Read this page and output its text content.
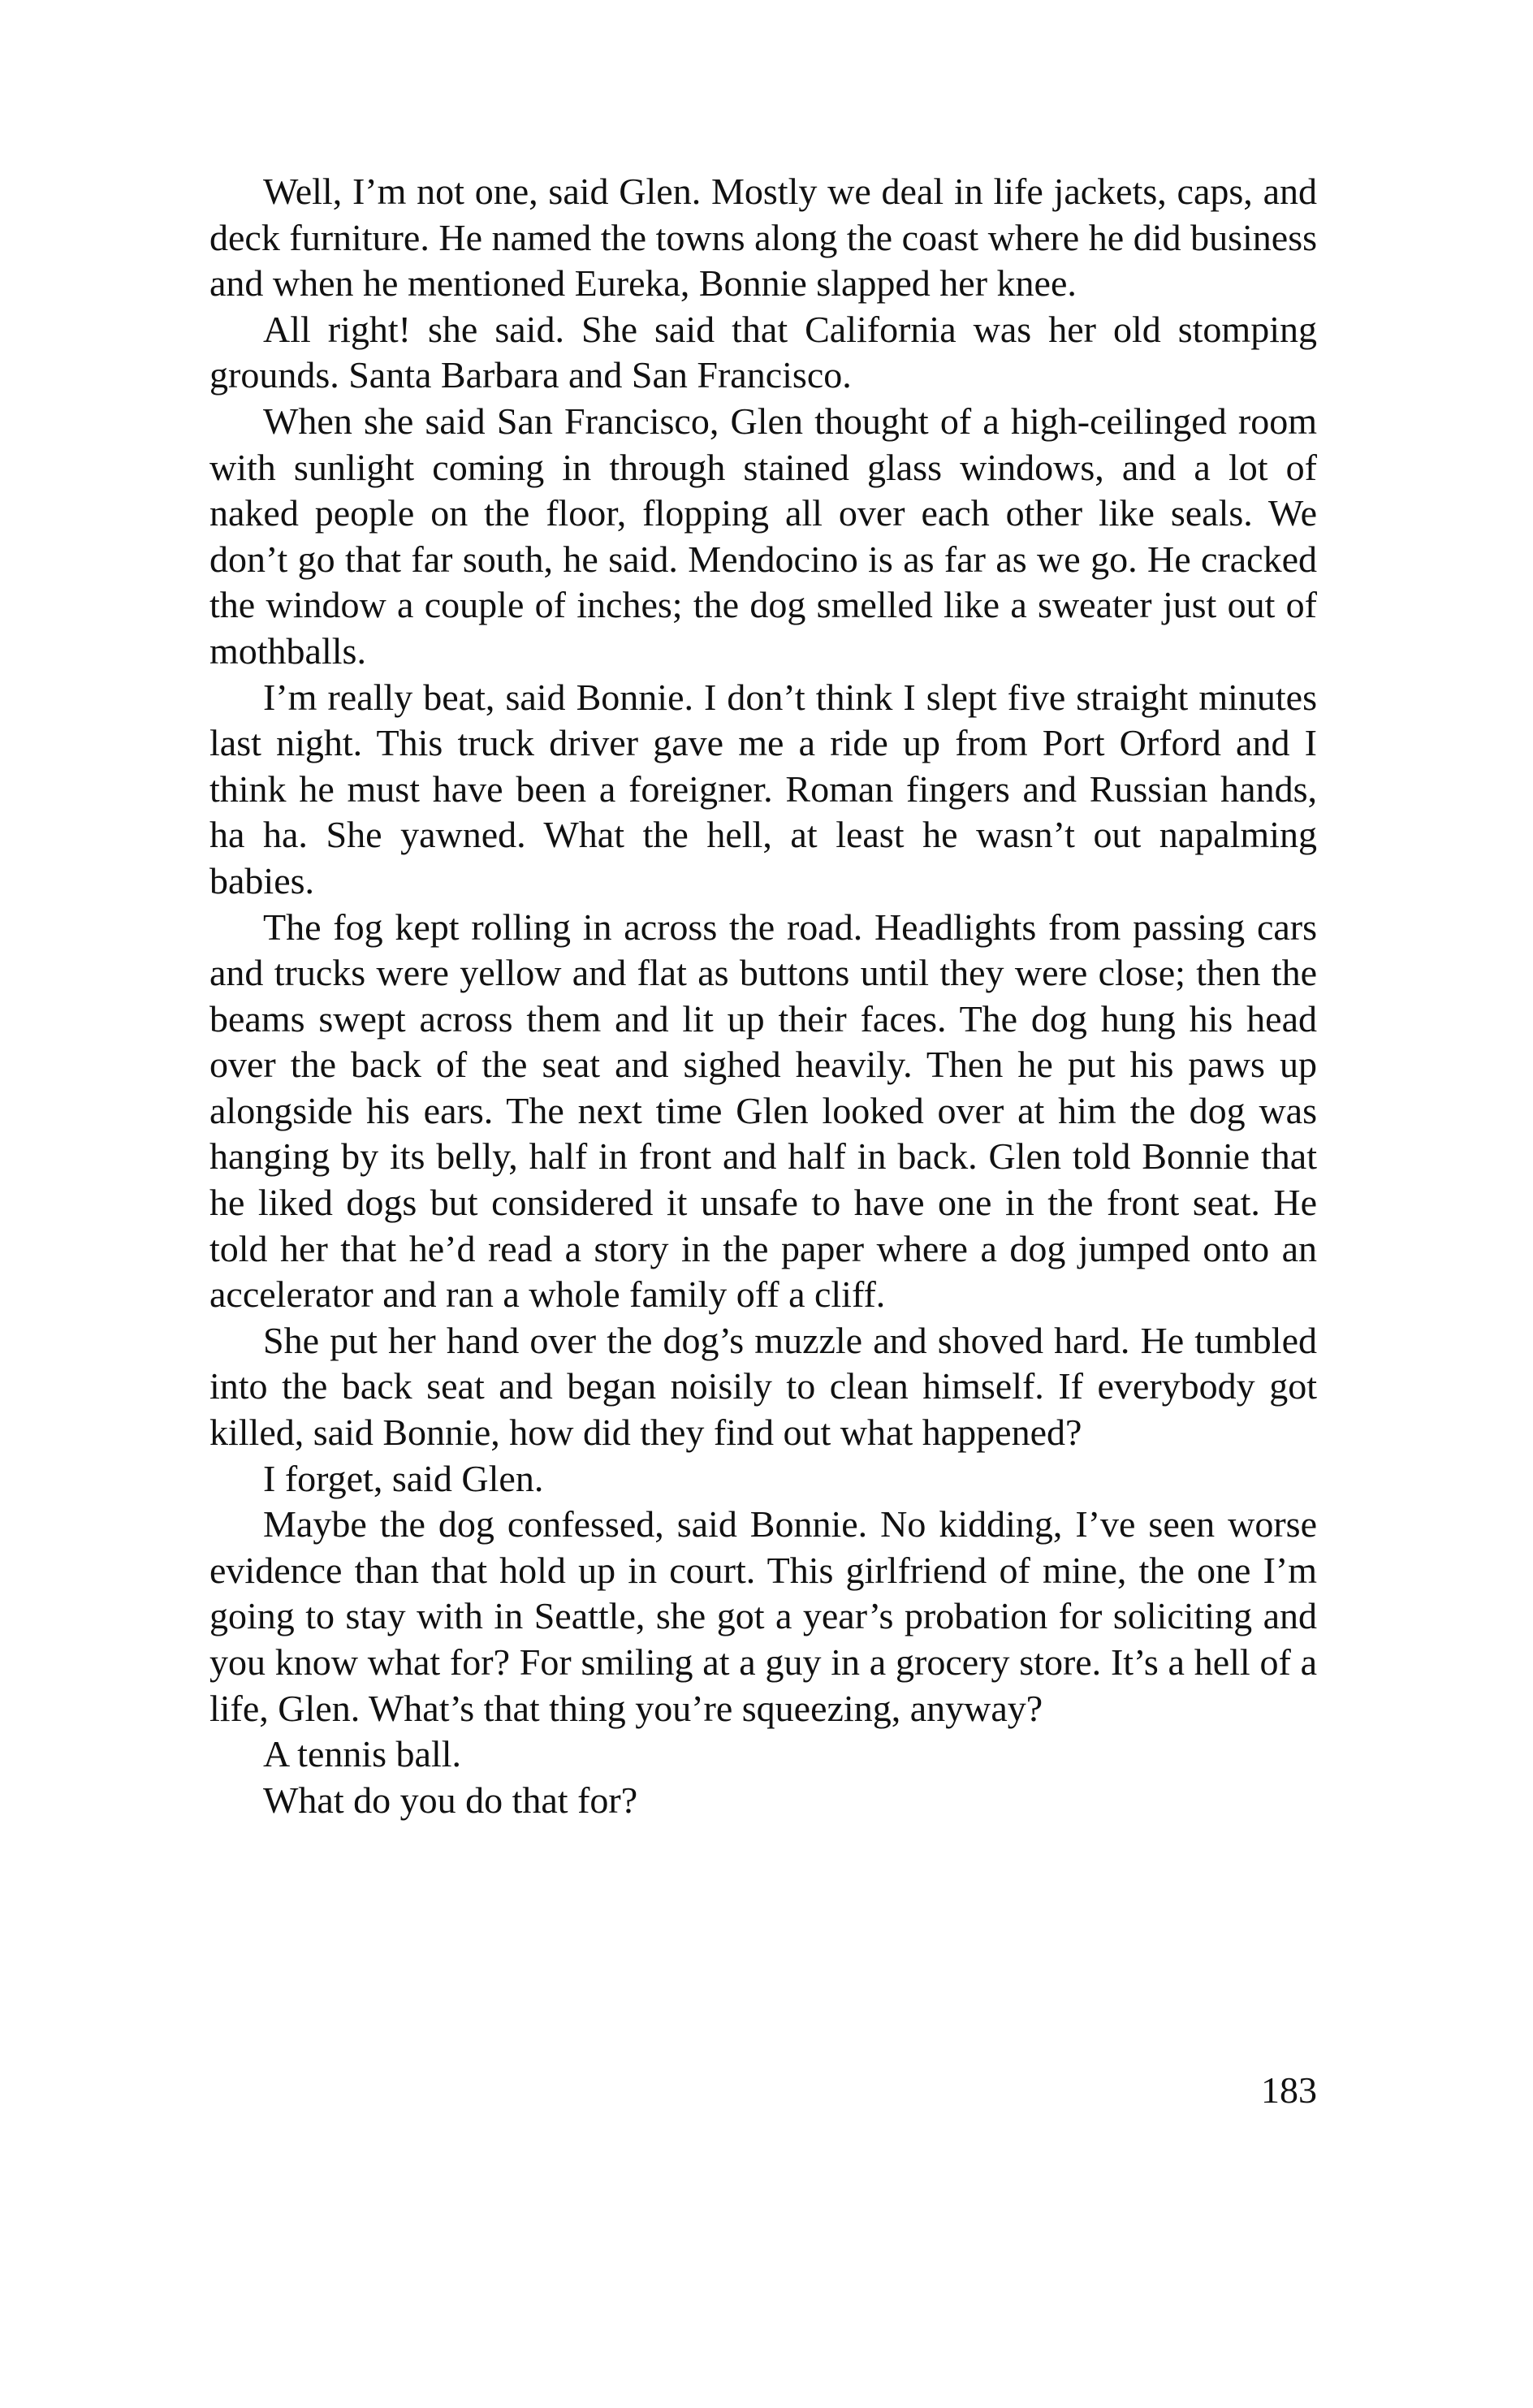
Well, I’m not one, said Glen. Mostly we deal in life jackets, caps, and deck furniture. He named the towns along the coast where he did business and when he mentioned Eureka, Bonnie slapped her knee.

All right! she said. She said that California was her old stomping grounds. Santa Barbara and San Francisco.

When she said San Francisco, Glen thought of a high-ceilinged room with sunlight coming in through stained glass windows, and a lot of naked people on the floor, flopping all over each other like seals. We don’t go that far south, he said. Mendocino is as far as we go. He cracked the window a couple of inches; the dog smelled like a sweater just out of mothballs.

I’m really beat, said Bonnie. I don’t think I slept five straight minutes last night. This truck driver gave me a ride up from Port Orford and I think he must have been a foreigner. Roman fingers and Russian hands, ha ha. She yawned. What the hell, at least he wasn’t out napalming babies.

The fog kept rolling in across the road. Headlights from passing cars and trucks were yellow and flat as buttons until they were close; then the beams swept across them and lit up their faces. The dog hung his head over the back of the seat and sighed heavily. Then he put his paws up alongside his ears. The next time Glen looked over at him the dog was hanging by its belly, half in front and half in back. Glen told Bonnie that he liked dogs but considered it unsafe to have one in the front seat. He told her that he’d read a story in the paper where a dog jumped onto an accelerator and ran a whole family off a cliff.

She put her hand over the dog’s muzzle and shoved hard. He tumbled into the back seat and began noisily to clean himself. If everybody got killed, said Bonnie, how did they find out what happened?

I forget, said Glen.

Maybe the dog confessed, said Bonnie. No kidding, I’ve seen worse evidence than that hold up in court. This girlfriend of mine, the one I’m going to stay with in Seattle, she got a year’s probation for soliciting and you know what for? For smiling at a guy in a grocery store. It’s a hell of a life, Glen. What’s that thing you’re squeezing, anyway?

A tennis ball.

What do you do that for?

183
